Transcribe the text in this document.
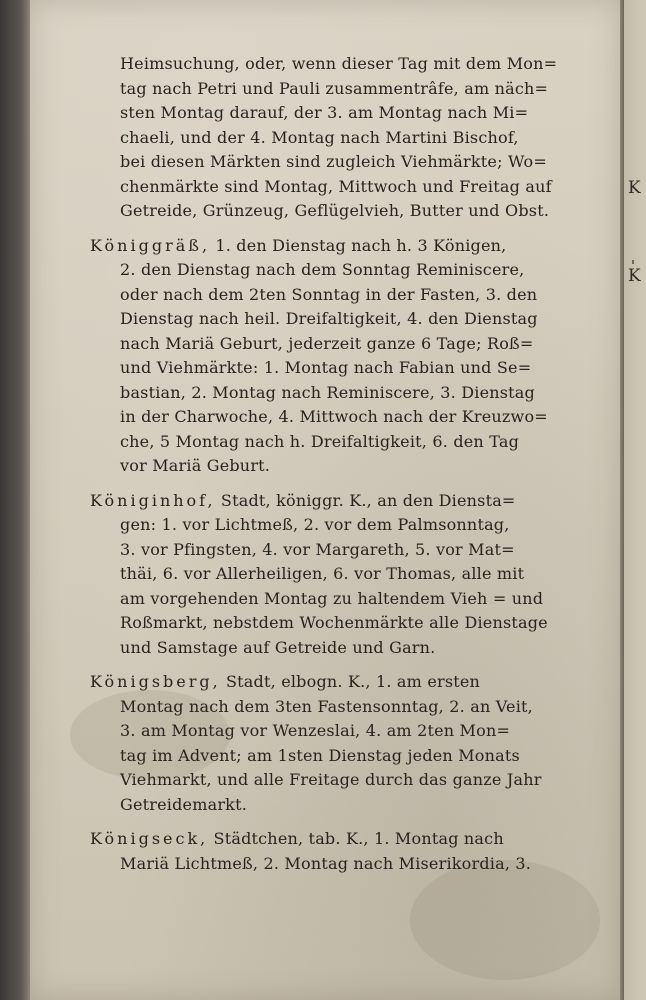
Heimsuchung, oder, wenn dieser Tag mit dem Mon=
tag nach Petri und Pauli zusammentrâfe, am näch=
sten Montag darauf, der 3. am Montag nach Mi=
chaeli, und der 4. Montag nach Martini Bischof,
bei diesen Märkten sind zugleich Viehmärkte; Wo=
chenmärkte sind Montag, Mittwoch und Freitag auf
Getreide, Grünzeug, Geflügelvieh, Butter und Obst.
Königgräß, 1. den Dienstag nach h. 3 Königen,
2. den Dienstag nach dem Sonntag Reminiscere,
oder nach dem 2ten Sonntag in der Fasten, 3. den
Dienstag nach heil. Dreifaltigkeit, 4. den Dienstag
nach Mariä Geburt, jederzeit ganze 6 Tage; Roß=
und Viehmärkte: 1. Montag nach Fabian und Se=
bastian, 2. Montag nach Reminiscere, 3. Dienstag
in der Charwoche, 4. Mittwoch nach der Kreuzwo=
che, 5 Montag nach h. Dreifaltigkeit, 6. den Tag
vor Mariä Geburt.
Königinhof, Stadt, königgr. K., an den Diensta=
gen: 1. vor Lichtmeß, 2. vor dem Palmsonntag,
3. vor Pfingsten, 4. vor Margareth, 5. vor Mat=
thäi, 6. vor Allerheiligen, 6. vor Thomas, alle mit
am vorgehenden Montag zu haltendem Vieh = und
Roßmarkt, nebstdem Wochenmärkte alle Dienstage
und Samstage auf Getreide und Garn.
Königsberg, Stadt, elbogn. K., 1. am ersten
Montag nach dem 3ten Fastensonntag, 2. an Veit,
3. am Montag vor Wenzeslai, 4. am 2ten Mon=
tag im Advent; am 1sten Dienstag jeden Monats
Viehmarkt, und alle Freitage durch das ganze Jahr
Getreidemarkt.
Königseck, Städtchen, tab. K., 1. Montag nach
Mariä Lichtmeß, 2. Montag nach Miserikordia, 3.
K
K
